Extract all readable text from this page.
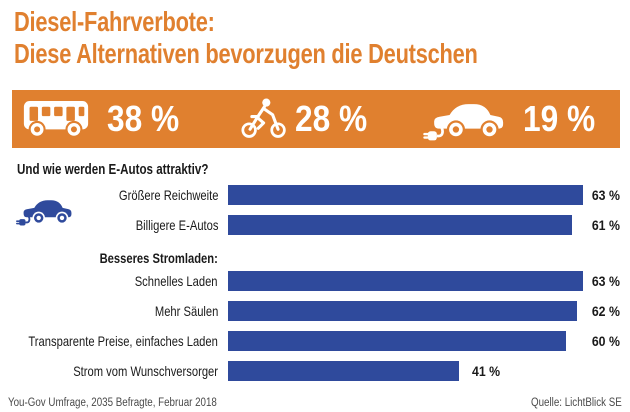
Diesel-Fahrverbote:
Diese Alternativen bevorzugen die Deutschen
38 %	28 %	19 %
Und wie werden E-Autos attraktiv?
Besseres Stromladen:
Größere Reichweite	63 %
Billigere E-Autos	61 %
Schnelles Laden	63 %
Mehr Säulen	62 %
Transparente Preise, einfaches Laden	60 %
Strom vom Wunschversorger	41 %
You-Gov Umfrage, 2035 Befragte, Februar 2018	Quelle: LichtBlick SE
